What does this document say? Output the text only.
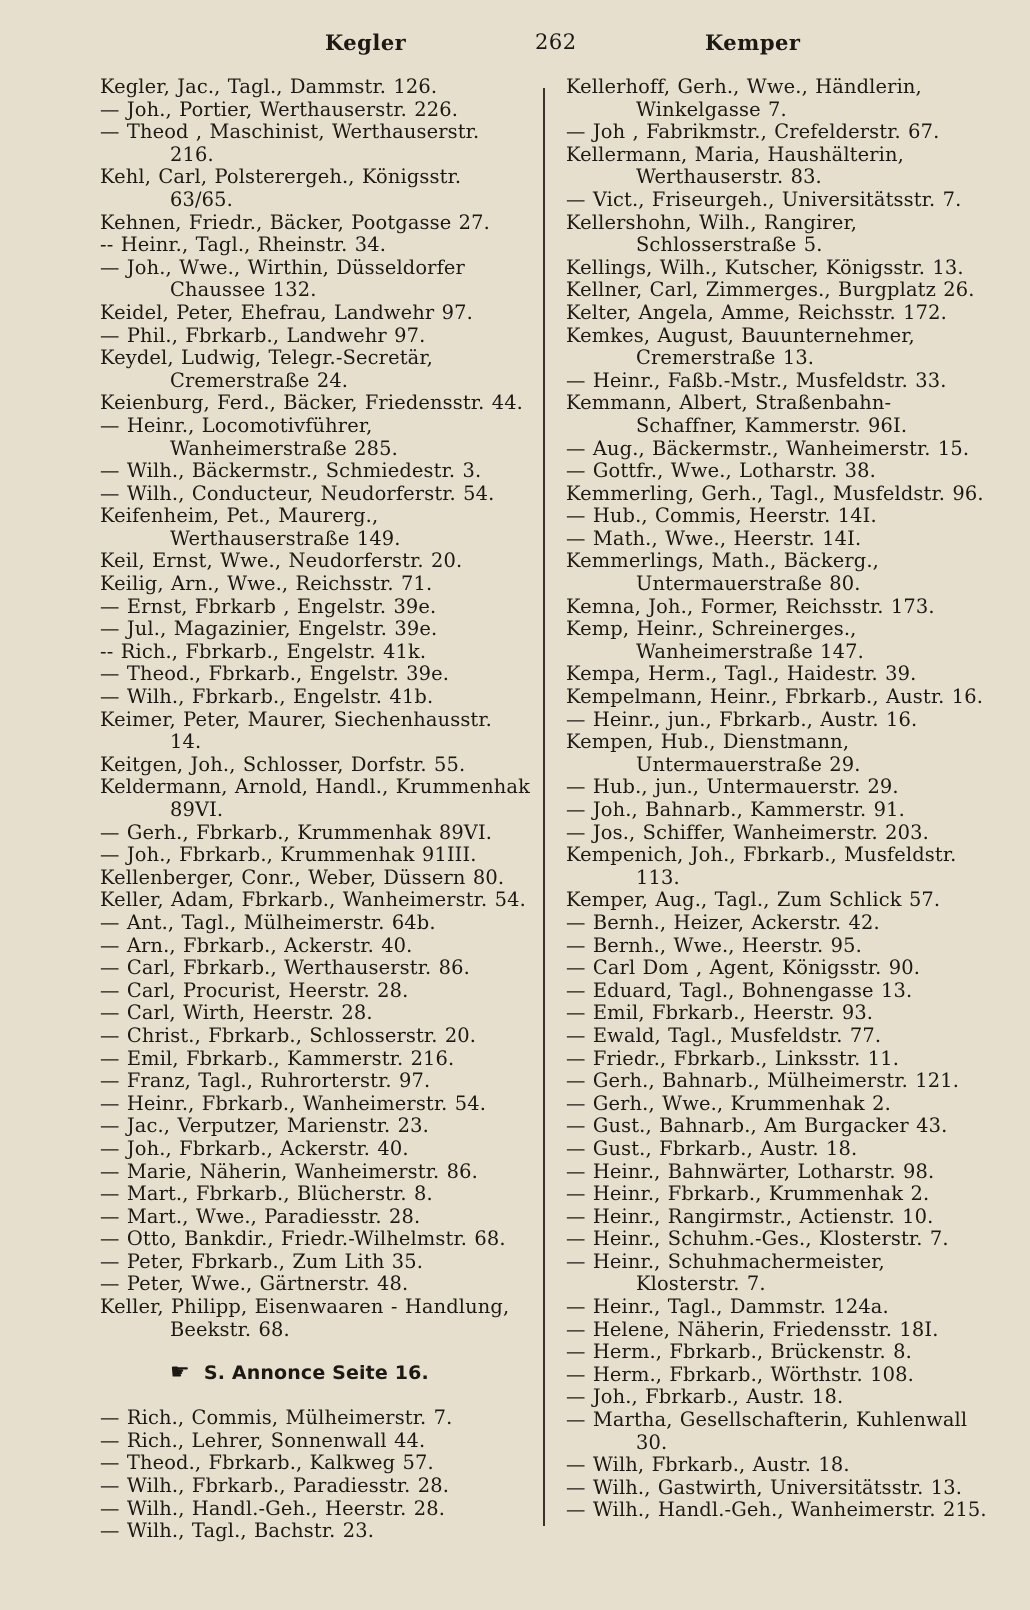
Kegler	262	Kemper
Kegler, Jac., Tagl., Dammstr. 126.
— Joh., Portier, Werthauserstr. 226.
— Theod , Maschinist, Werthauserstr. 216.
Kehl, Carl, Polsterergeh., Königsstr. 63/65.
Kehnen, Friedr., Bäcker, Pootgasse 27.
-- Heinr., Tagl., Rheinstr. 34.
— Joh., Wwe., Wirthin, Düsseldorfer Chaussee 132.
Keidel, Peter, Ehefrau, Landwehr 97.
— Phil., Fbrkarb., Landwehr 97.
Keydel, Ludwig, Telegr.-Secretär, Cremerstraße 24.
Keienburg, Ferd., Bäcker, Friedensstr. 44.
— Heinr., Locomotivführer, Wanheimerstraße 285.
— Wilh., Bäckermstr., Schmiedestr. 3.
— Wilh., Conducteur, Neudorferstr. 54.
Keifenheim, Pet., Maurerg., Werthauserstraße 149.
Keil, Ernst, Wwe., Neudorferstr. 20.
Keilig, Arn., Wwe., Reichsstr. 71.
— Ernst, Fbrkarb , Engelstr. 39e.
— Jul., Magazinier, Engelstr. 39e.
-- Rich., Fbrkarb., Engelstr. 41k.
— Theod., Fbrkarb., Engelstr. 39e.
— Wilh., Fbrkarb., Engelstr. 41b.
Keimer, Peter, Maurer, Siechenhausstr. 14.
Keitgen, Joh., Schlosser, Dorfstr. 55.
Keldermann, Arnold, Handl., Krummenhak 89VI.
— Gerh., Fbrkarb., Krummenhak 89VI.
— Joh., Fbrkarb., Krummenhak 91III.
Kellenberger, Conr., Weber, Düssern 80.
Keller, Adam, Fbrkarb., Wanheimerstr. 54.
— Ant., Tagl., Mülheimerstr. 64b.
— Arn., Fbrkarb., Ackerstr. 40.
— Carl, Fbrkarb., Werthauserstr. 86.
— Carl, Procurist, Heerstr. 28.
— Carl, Wirth, Heerstr. 28.
— Christ., Fbrkarb., Schlosserstr. 20.
— Emil, Fbrkarb., Kammerstr. 216.
— Franz, Tagl., Ruhrorterstr. 97.
— Heinr., Fbrkarb., Wanheimerstr. 54.
— Jac., Verputzer, Marienstr. 23.
— Joh., Fbrkarb., Ackerstr. 40.
— Marie, Näherin, Wanheimerstr. 86.
— Mart., Fbrkarb., Blücherstr. 8.
— Mart., Wwe., Paradiesstr. 28.
— Otto, Bankdir., Friedr.-Wilhelmstr. 68.
— Peter, Fbrkarb., Zum Lith 35.
— Peter, Wwe., Gärtnerstr. 48.
Keller, Philipp, Eisenwaaren - Handlung, Beekstr. 68.
☛ S. Annonce Seite 16.
— Rich., Commis, Mülheimerstr. 7.
— Rich., Lehrer, Sonnenwall 44.
— Theod., Fbrkarb., Kalkweg 57.
— Wilh., Fbrkarb., Paradiesstr. 28.
— Wilh., Handl.-Geh., Heerstr. 28.
— Wilh., Tagl., Bachstr. 23.
Kellerhoff, Gerh., Wwe., Händlerin, Winkelgasse 7.
— Joh , Fabrikmstr., Crefelderstr. 67.
Kellermann, Maria, Haushälterin, Werthauserstr. 83.
— Vict., Friseurgeh., Universitätsstr. 7.
Kellershohn, Wilh., Rangirer, Schlosserstraße 5.
Kellings, Wilh., Kutscher, Königsstr. 13.
Kellner, Carl, Zimmerges., Burgplatz 26.
Kelter, Angela, Amme, Reichsstr. 172.
Kemkes, August, Bauunternehmer, Cremerstraße 13.
— Heinr., Faßb.-Mstr., Musfeldstr. 33.
Kemmann, Albert, Straßenbahn-Schaffner, Kammerstr. 96I.
— Aug., Bäckermstr., Wanheimerstr. 15.
— Gottfr., Wwe., Lotharstr. 38.
Kemmerling, Gerh., Tagl., Musfeldstr. 96.
— Hub., Commis, Heerstr. 14I.
— Math., Wwe., Heerstr. 14I.
Kemmerlings, Math., Bäckerg., Untermauerstraße 80.
Kemna, Joh., Former, Reichsstr. 173.
Kemp, Heinr., Schreinerges., Wanheimerstraße 147.
Kempa, Herm., Tagl., Haidestr. 39.
Kempelmann, Heinr., Fbrkarb., Austr. 16.
— Heinr., jun., Fbrkarb., Austr. 16.
Kempen, Hub., Dienstmann, Untermauerstraße 29.
— Hub., jun., Untermauerstr. 29.
— Joh., Bahnarb., Kammerstr. 91.
— Jos., Schiffer, Wanheimerstr. 203.
Kempenich, Joh., Fbrkarb., Musfeldstr. 113.
Kemper, Aug., Tagl., Zum Schlick 57.
— Bernh., Heizer, Ackerstr. 42.
— Bernh., Wwe., Heerstr. 95.
— Carl Dom , Agent, Königsstr. 90.
— Eduard, Tagl., Bohnengasse 13.
— Emil, Fbrkarb., Heerstr. 93.
— Ewald, Tagl., Musfeldstr. 77.
— Friedr., Fbrkarb., Linksstr. 11.
— Gerh., Bahnarb., Mülheimerstr. 121.
— Gerh., Wwe., Krummenhak 2.
— Gust., Bahnarb., Am Burgacker 43.
— Gust., Fbrkarb., Austr. 18.
— Heinr., Bahnwärter, Lotharstr. 98.
— Heinr., Fbrkarb., Krummenhak 2.
— Heinr., Rangirmstr., Actienstr. 10.
— Heinr., Schuhm.-Ges., Klosterstr. 7.
— Heinr., Schuhmachermeister, Klosterstr. 7.
— Heinr., Tagl., Dammstr. 124a.
— Helene, Näherin, Friedensstr. 18I.
— Herm., Fbrkarb., Brückenstr. 8.
— Herm., Fbrkarb., Wörthstr. 108.
— Joh., Fbrkarb., Austr. 18.
— Martha, Gesellschafterin, Kuhlenwall 30.
— Wilh, Fbrkarb., Austr. 18.
— Wilh., Gastwirth, Universitätsstr. 13.
— Wilh., Handl.-Geh., Wanheimerstr. 215.
